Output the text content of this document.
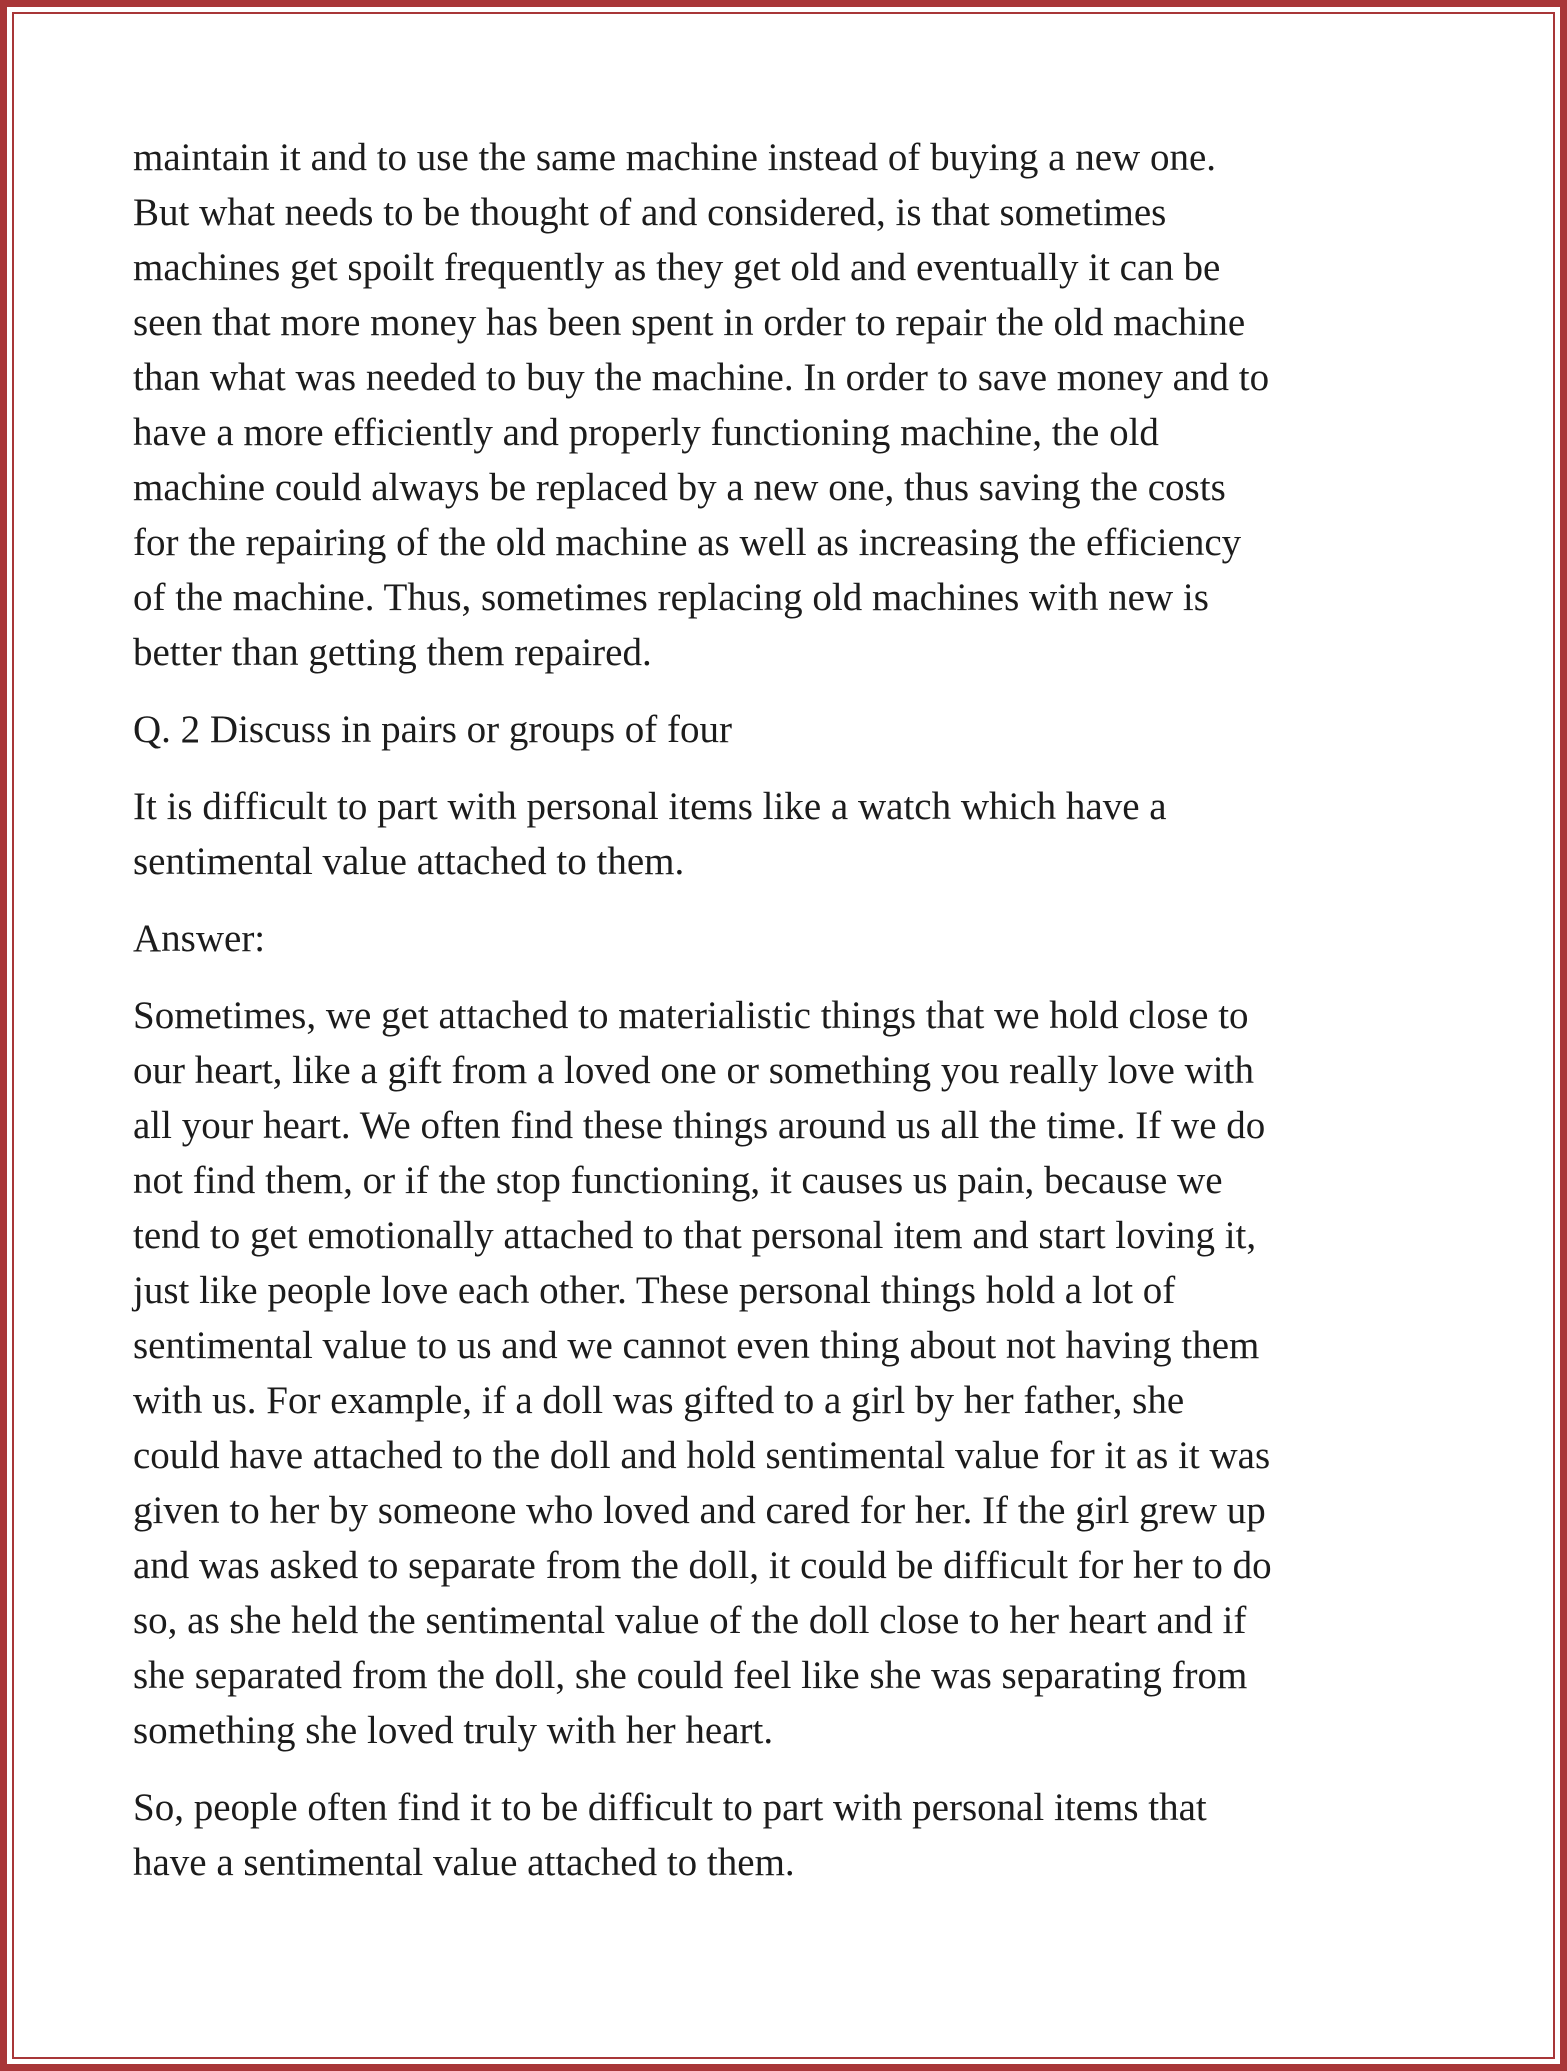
maintain it and to use the same machine instead of buying a new one.
But what needs to be thought of and considered, is that sometimes
machines get spoilt frequently as they get old and eventually it can be
seen that more money has been spent in order to repair the old machine
than what was needed to buy the machine. In order to save money and to
have a more efficiently and properly functioning machine, the old
machine could always be replaced by a new one, thus saving the costs
for the repairing of the old machine as well as increasing the efficiency
of the machine. Thus, sometimes replacing old machines with new is
better than getting them repaired.

Q. 2 Discuss in pairs or groups of four

It is difficult to part with personal items like a watch which have a
sentimental value attached to them.

Answer:

Sometimes, we get attached to materialistic things that we hold close to
our heart, like a gift from a loved one or something you really love with
all your heart. We often find these things around us all the time. If we do
not find them, or if the stop functioning, it causes us pain, because we
tend to get emotionally attached to that personal item and start loving it,
just like people love each other. These personal things hold a lot of
sentimental value to us and we cannot even thing about not having them
with us. For example, if a doll was gifted to a girl by her father, she
could have attached to the doll and hold sentimental value for it as it was
given to her by someone who loved and cared for her. If the girl grew up
and was asked to separate from the doll, it could be difficult for her to do
so, as she held the sentimental value of the doll close to her heart and if
she separated from the doll, she could feel like she was separating from
something she loved truly with her heart.

So, people often find it to be difficult to part with personal items that
have a sentimental value attached to them.
